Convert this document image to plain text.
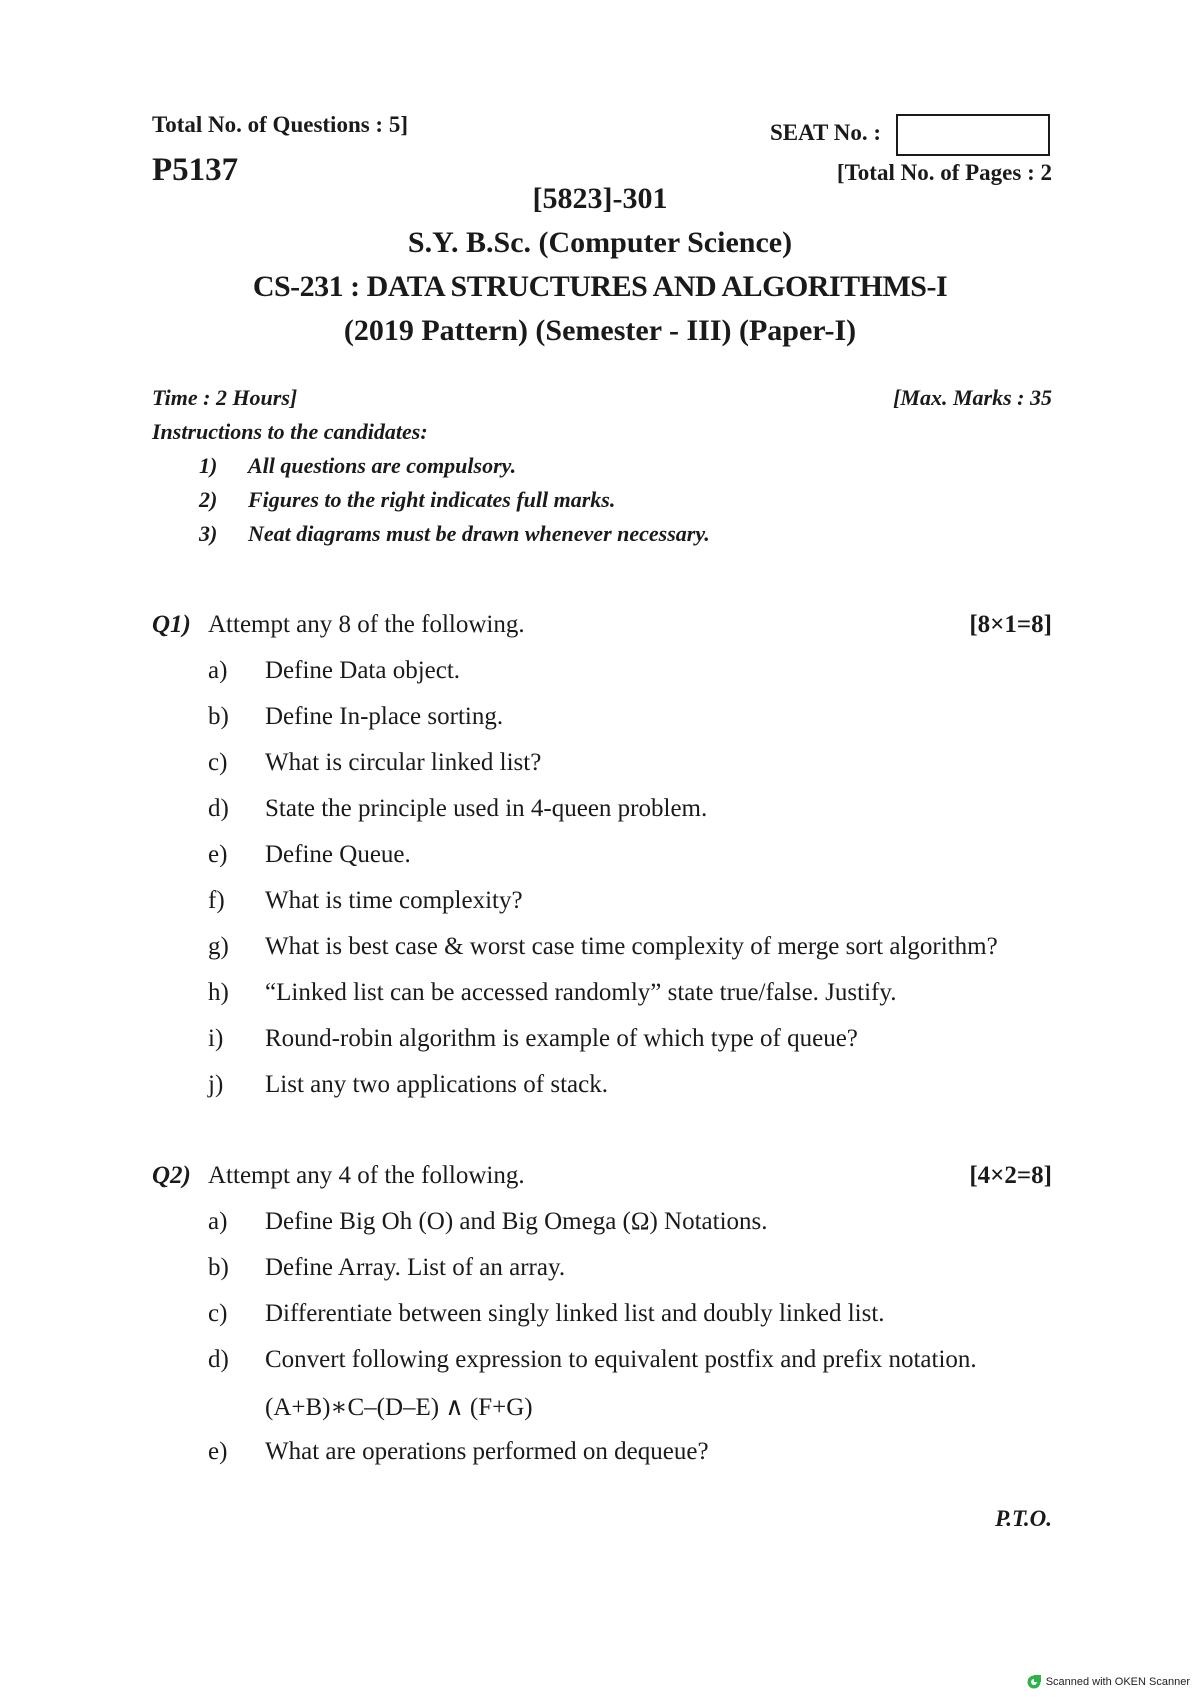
Total No. of Questions : 5]
P5137
SEAT No. :
[Total No. of Pages : 2
[5823]-301
S.Y. B.Sc. (Computer Science)
CS-231 : DATA STRUCTURES AND ALGORITHMS-I
(2019 Pattern) (Semester - III) (Paper-I)
Time : 2 Hours]	[Max. Marks : 35
Instructions to the candidates:
1) All questions are compulsory.
2) Figures to the right indicates full marks.
3) Neat diagrams must be drawn whenever necessary.
Q1) Attempt any 8 of the following.	[8×1=8]
a) Define Data object.
b) Define In-place sorting.
c) What is circular linked list?
d) State the principle used in 4-queen problem.
e) Define Queue.
f) What is time complexity?
g) What is best case & worst case time complexity of merge sort algorithm?
h) “Linked list can be accessed randomly” state true/false. Justify.
i) Round-robin algorithm is example of which type of queue?
j) List any two applications of stack.
Q2) Attempt any 4 of the following.	[4×2=8]
a) Define Big Oh (O) and Big Omega (Ω) Notations.
b) Define Array. List of an array.
c) Differentiate between singly linked list and doubly linked list.
d) Convert following expression to equivalent postfix and prefix notation.
(A+B)∗C–(D–E) ∧ (F+G)
e) What are operations performed on dequeue?
P.T.O.
Scanned with OKEN Scanner
